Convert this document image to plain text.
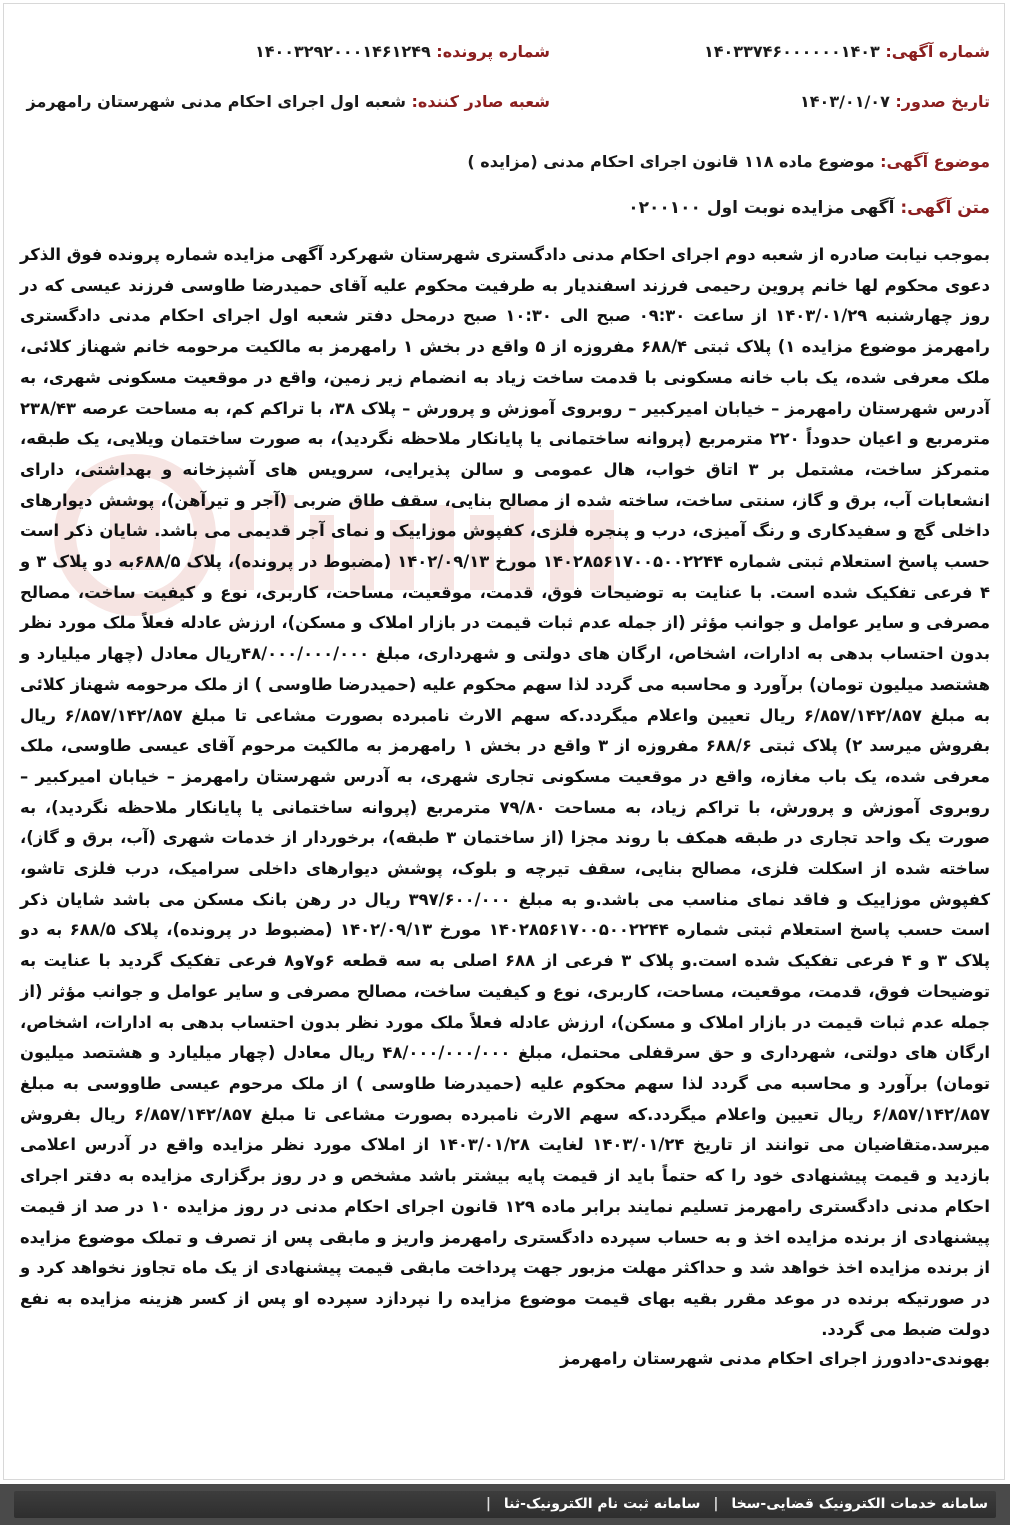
شماره آگهی: ۱۴۰۳۳۷۴۶۰۰۰۰۰۰۱۴۰۳
شماره پرونده: ۱۴۰۰۳۲۹۲۰۰۰۱۴۶۱۲۴۹
تاریخ صدور: ۱۴۰۳/۰۱/۰۷
شعبه صادر کننده: شعبه اول اجرای احکام مدنی شهرستان رامهرمز
موضوع آگهی: موضوع ماده ۱۱۸ قانون اجرای احکام مدنی (مزایده )
متن آگهی: آگهی مزایده نوبت اول ۰۲۰۰۱۰۰
بموجب نیابت صادره از شعبه دوم اجرای احکام مدنی دادگستری شهرستان شهرکرد آگهی مزایده شماره پرونده فوق الذکر دعوی محکوم لها خانم پروین رحیمی فرزند اسفندیار به طرفیت محکوم علیه آقای حمیدرضا طاوسی فرزند عیسی که در روز چهارشنبه ۱۴۰۳/۰۱/۲۹ از ساعت ۰۹:۳۰ صبح الی ۱۰:۳۰ صبح درمحل دفتر شعبه اول اجرای احکام مدنی دادگستری رامهرمز موضوع مزایده ۱) پلاک ثبتی ۶۸۸/۴ مفروزه از ۵ واقع در بخش ۱ رامهرمز به مالکیت مرحومه خانم شهناز کلائی، ملک معرفی شده، یک باب خانه مسکونی با قدمت ساخت زیاد به انضمام زیر زمین، واقع در موقعیت مسکونی شهری، به آدرس شهرستان رامهرمز – خیابان امیرکبیر – روبروی آموزش و پرورش – پلاک ۳۸، با تراکم کم، به مساحت عرصه ۲۳۸/۴۳ مترمربع و اعیان حدوداً ۲۲۰ مترمربع (پروانه ساختمانی یا پایانکار ملاحظه نگردید)، به صورت ساختمان ویلایی، یک طبقه، متمرکز ساخت، مشتمل بر ۳ اتاق خواب، هال عمومی و سالن پذیرایی، سرویس های آشپزخانه و بهداشتی، دارای انشعابات آب، برق و گاز، سنتی ساخت، ساخته شده از مصالح بنایی، سقف طاق ضربی (آجر و تیرآهن)، پوشش دیوارهای داخلی گچ و سفیدکاری و رنگ آمیزی، درب و پنجره فلزی، کفپوش موزاییک و نمای آجر قدیمی می باشد. شایان ذکر است حسب پاسخ استعلام ثبتی شماره ۱۴۰۲۸۵۶۱۷۰۰۵۰۰۲۲۴۴ مورخ ۱۴۰۲/۰۹/۱۳ (مضبوط در پرونده)، پلاک ۶۸۸/۵به دو پلاک ۳ و ۴ فرعی تفکیک شده است. با عنایت به توضیحات فوق، قدمت، موقعیت، مساحت، کاربری، نوع و کیفیت ساخت، مصالح مصرفی و سایر عوامل و جوانب مؤثر (از جمله عدم ثبات قیمت در بازار املاک و مسکن)، ارزش عادله فعلاً ملک مورد نظر بدون احتساب بدهی به ادارات، اشخاص، ارگان های دولتی و شهرداری، مبلغ ۴۸/۰۰۰/۰۰۰/۰۰۰ریال معادل (چهار میلیارد و هشتصد میلیون تومان) برآورد و محاسبه می گردد لذا سهم محکوم علیه (حمیدرضا طاوسی ) از ملک مرحومه شهناز کلائی به مبلغ ۶/۸۵۷/۱۴۲/۸۵۷ ریال تعیین واعلام میگردد.که سهم الارث نامبرده بصورت مشاعی تا مبلغ ۶/۸۵۷/۱۴۲/۸۵۷ ریال بفروش میرسد ۲) پلاک ثبتی ۶۸۸/۶ مفروزه از ۳ واقع در بخش ۱ رامهرمز به مالکیت مرحوم آقای عیسی طاوسی، ملک معرفی شده، یک باب مغازه، واقع در موقعیت مسکونی تجاری شهری، به آدرس شهرستان رامهرمز – خیابان امیرکبیر – روبروی آموزش و پرورش، با تراکم زیاد، به مساحت ۷۹/۸۰ مترمربع (پروانه ساختمانی یا پایانکار ملاحظه نگردید)، به صورت یک واحد تجاری در طبقه همکف با روند مجزا (از ساختمان ۳ طبقه)، برخوردار از خدمات شهری (آب، برق و گاز)، ساخته شده از اسکلت فلزی، مصالح بنایی، سقف تیرچه و بلوک، پوشش دیوارهای داخلی سرامیک، درب فلزی تاشو، کفپوش موزاییک و فاقد نمای مناسب می باشد.و به مبلغ ۳۹۷/۶۰۰/۰۰۰ ریال در رهن بانک مسکن می باشد شایان ذکر است حسب پاسخ استعلام ثبتی شماره ۱۴۰۲۸۵۶۱۷۰۰۵۰۰۲۲۴۴ مورخ ۱۴۰۲/۰۹/۱۳ (مضبوط در پرونده)، پلاک ۶۸۸/۵ به دو پلاک ۳ و ۴ فرعی تفکیک شده است.و پلاک ۳ فرعی از ۶۸۸ اصلی به سه قطعه ۶و۷و۸ فرعی تفکیک گردید با عنایت به توضیحات فوق، قدمت، موقعیت، مساحت، کاربری، نوع و کیفیت ساخت، مصالح مصرفی و سایر عوامل و جوانب مؤثر (از جمله عدم ثبات قیمت در بازار املاک و مسکن)، ارزش عادله فعلاً ملک مورد نظر بدون احتساب بدهی به ادارات، اشخاص، ارگان های دولتی، شهرداری و حق سرقفلی محتمل، مبلغ ۴۸/۰۰۰/۰۰۰/۰۰۰ ریال معادل (چهار میلیارد و هشتصد میلیون تومان) برآورد و محاسبه می گردد لذا سهم محکوم علیه (حمیدرضا طاوسی ) از ملک مرحوم عیسی طاووسی به مبلغ ۶/۸۵۷/۱۴۲/۸۵۷ ریال تعیین واعلام میگردد.که سهم الارث نامبرده بصورت مشاعی تا مبلغ ۶/۸۵۷/۱۴۲/۸۵۷ ریال بفروش میرسد.متقاضیان می توانند از تاریخ ۱۴۰۳/۰۱/۲۴ لغایت ۱۴۰۳/۰۱/۲۸ از املاک مورد نظر مزایده واقع در آدرس اعلامی بازدید و قیمت پیشنهادی خود را که حتماً باید از قیمت پایه بیشتر باشد مشخص و در روز برگزاری مزایده به دفتر اجرای احکام مدنی دادگستری رامهرمز تسلیم نمایند برابر ماده ۱۲۹ قانون اجرای احکام مدنی در روز مزایده ۱۰ در صد از قیمت پیشنهادی از برنده مزایده اخذ و به حساب سپرده دادگستری رامهرمز واریز و مابقی پس از تصرف و تملک موضوع مزایده از برنده مزایده اخذ خواهد شد و حداکثر مهلت مزبور جهت پرداخت مابقی قیمت پیشنهادی از یک ماه تجاوز نخواهد کرد و در صورتیکه برنده در موعد مقرر بقیه بهای قیمت موضوع مزایده را نپردازد سپرده او پس از کسر هزینه مزایده به نفع دولت ضبط می گردد.
بهوندی-دادورز اجرای احکام مدنی شهرستان رامهرمز
سامانه خدمات الکترونیک قضایی-سخا | سامانه ثبت نام الکترونیک-ثنا |
